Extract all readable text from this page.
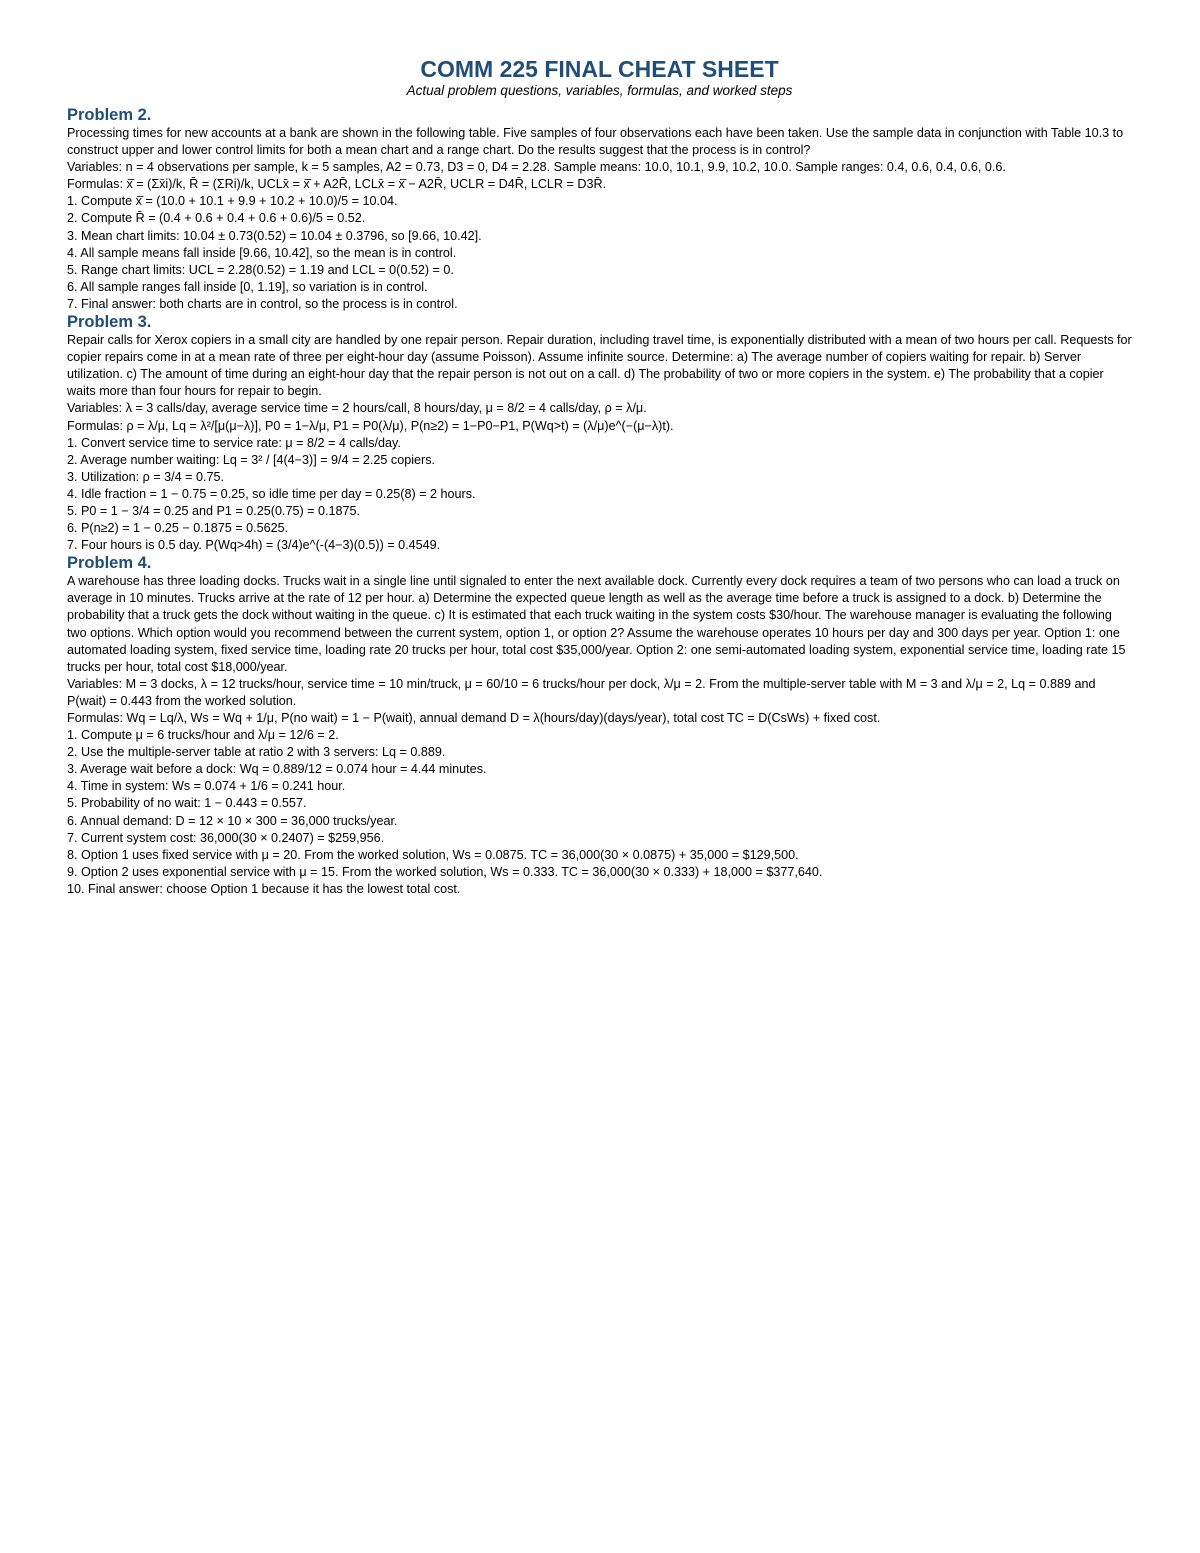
COMM 225 FINAL CHEAT SHEET

Actual problem questions, variables, formulas, and worked steps

Problem 2.

Processing times for new accounts at a bank are shown in the following table. Five samples of four observations each have been taken. Use the sample data in conjunction with Table 10.3 to construct upper and lower control limits for both a mean chart and a range chart. Do the results suggest that the process is in control?

Variables: n = 4 observations per sample, k = 5 samples, A2 = 0.73, D3 = 0, D4 = 2.28. Sample means: 10.0, 10.1, 9.9, 10.2, 10.0. Sample ranges: 0.4, 0.6, 0.4, 0.6, 0.6.

Formulas: x̄̄ = (Σx̄i)/k, R̄ = (ΣRi)/k, UCLx̄ = x̄̄ + A2R̄, LCLx̄ = x̄̄ − A2R̄, UCLR = D4R̄, LCLR = D3R̄.

1. Compute x̄̄ = (10.0 + 10.1 + 9.9 + 10.2 + 10.0)/5 = 10.04.

2. Compute R̄ = (0.4 + 0.6 + 0.4 + 0.6 + 0.6)/5 = 0.52.

3. Mean chart limits: 10.04 ± 0.73(0.52) = 10.04 ± 0.3796, so [9.66, 10.42].

4. All sample means fall inside [9.66, 10.42], so the mean is in control.

5. Range chart limits: UCL = 2.28(0.52) = 1.19 and LCL = 0(0.52) = 0.

6. All sample ranges fall inside [0, 1.19], so variation is in control.

7. Final answer: both charts are in control, so the process is in control.

Problem 3.

Repair calls for Xerox copiers in a small city are handled by one repair person. Repair duration, including travel time, is exponentially distributed with a mean of two hours per call. Requests for copier repairs come in at a mean rate of three per eight-hour day (assume Poisson). Assume infinite source. Determine: a) The average number of copiers waiting for repair. b) Server utilization. c) The amount of time during an eight-hour day that the repair person is not out on a call. d) The probability of two or more copiers in the system. e) The probability that a copier waits more than four hours for repair to begin.

Variables: λ = 3 calls/day, average service time = 2 hours/call, 8 hours/day, μ = 8/2 = 4 calls/day, ρ = λ/μ.

Formulas: ρ = λ/μ, Lq = λ²/[μ(μ−λ)], P0 = 1−λ/μ, P1 = P0(λ/μ), P(n≥2) = 1−P0−P1, P(Wq>t) = (λ/μ)e^(−(μ−λ)t).

1. Convert service time to service rate: μ = 8/2 = 4 calls/day.

2. Average number waiting: Lq = 3² / [4(4−3)] = 9/4 = 2.25 copiers.

3. Utilization: ρ = 3/4 = 0.75.

4. Idle fraction = 1 − 0.75 = 0.25, so idle time per day = 0.25(8) = 2 hours.

5. P0 = 1 − 3/4 = 0.25 and P1 = 0.25(0.75) = 0.1875.

6. P(n≥2) = 1 − 0.25 − 0.1875 = 0.5625.

7. Four hours is 0.5 day. P(Wq>4h) = (3/4)e^(-(4−3)(0.5)) = 0.4549.

Problem 4.

A warehouse has three loading docks. Trucks wait in a single line until signaled to enter the next available dock. Currently every dock requires a team of two persons who can load a truck on average in 10 minutes. Trucks arrive at the rate of 12 per hour. a) Determine the expected queue length as well as the average time before a truck is assigned to a dock. b) Determine the probability that a truck gets the dock without waiting in the queue. c) It is estimated that each truck waiting in the system costs $30/hour. The warehouse manager is evaluating the following two options. Which option would you recommend between the current system, option 1, or option 2? Assume the warehouse operates 10 hours per day and 300 days per year. Option 1: one automated loading system, fixed service time, loading rate 20 trucks per hour, total cost $35,000/year. Option 2: one semi-automated loading system, exponential service time, loading rate 15 trucks per hour, total cost $18,000/year.

Variables: M = 3 docks, λ = 12 trucks/hour, service time = 10 min/truck, μ = 60/10 = 6 trucks/hour per dock, λ/μ = 2. From the multiple-server table with M = 3 and λ/μ = 2, Lq = 0.889 and P(wait) = 0.443 from the worked solution.

Formulas: Wq = Lq/λ, Ws = Wq + 1/μ, P(no wait) = 1 − P(wait), annual demand D = λ(hours/day)(days/year), total cost TC = D(CsWs) + fixed cost.

1. Compute μ = 6 trucks/hour and λ/μ = 12/6 = 2.

2. Use the multiple-server table at ratio 2 with 3 servers: Lq = 0.889.

3. Average wait before a dock: Wq = 0.889/12 = 0.074 hour = 4.44 minutes.

4. Time in system: Ws = 0.074 + 1/6 = 0.241 hour.

5. Probability of no wait: 1 − 0.443 = 0.557.

6. Annual demand: D = 12 × 10 × 300 = 36,000 trucks/year.

7. Current system cost: 36,000(30 × 0.2407) = $259,956.

8. Option 1 uses fixed service with μ = 20. From the worked solution, Ws = 0.0875. TC = 36,000(30 × 0.0875) + 35,000 = $129,500.

9. Option 2 uses exponential service with μ = 15. From the worked solution, Ws = 0.333. TC = 36,000(30 × 0.333) + 18,000 = $377,640.

10. Final answer: choose Option 1 because it has the lowest total cost.
